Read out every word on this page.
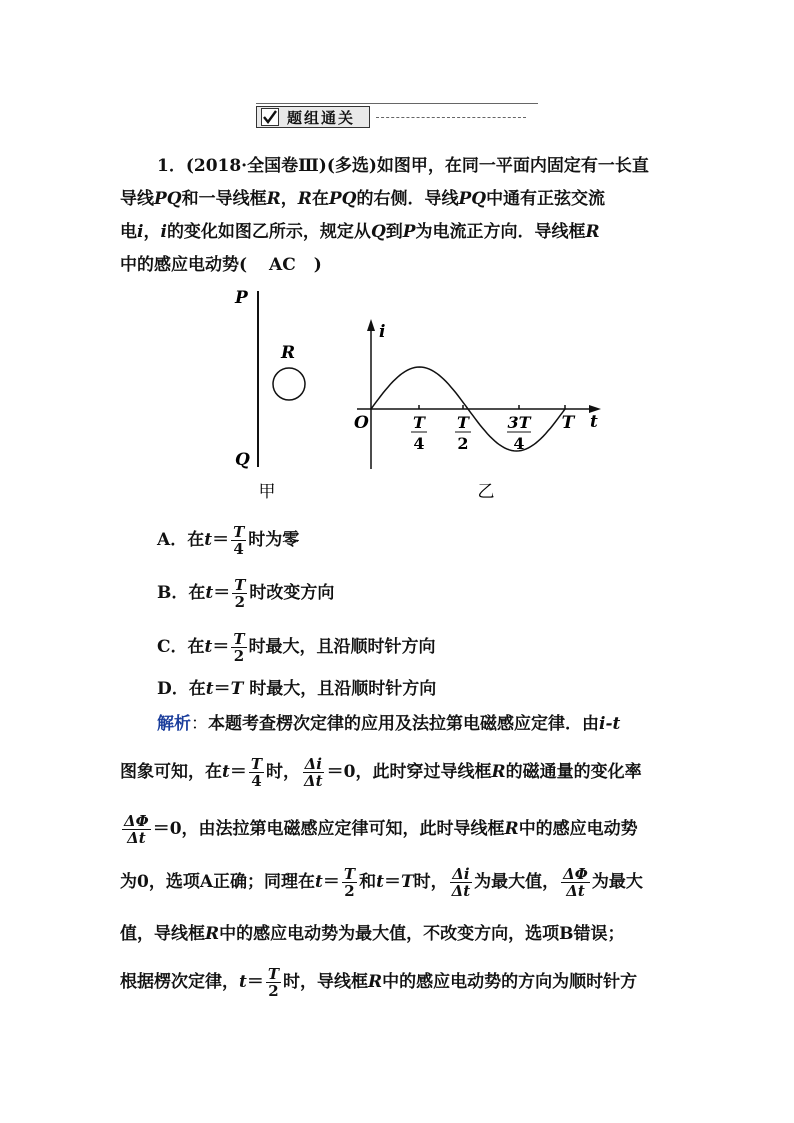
题组通关
1．(2018·全国卷Ⅲ)(多选)如图甲，在同一平面内固定有一长直
导线PQ和一导线框R，R在PQ的右侧．导线PQ中通有正弦交流
电i，i的变化如图乙所示，规定从Q到P为电流正方向．导线框R
中的感应电动势( AC )
P
Q
R
i
t
O	T
4
T
2
3T
4
T
甲	乙
A．在$t= \frac{T}{4}$ 时为零
B．在$t= \frac{T}{2}$ 时改变方向
C．在$t= \frac{T}{2}$ 时最大，且沿顺时针方向
D．在t＝T 时最大，且沿顺时针方向
解析：本题考查楞次定律的应用及法拉第电磁感应定律．由i-t
图象可知，在$t= \frac{T}{4}$ 时， $\frac{\Delta i}{\Delta t} =0$，此时穿过导线框R的磁通量的变化率
$\frac{\Delta\Phi}{\Delta t} =0$，由法拉第电磁感应定律可知，此时导线框R中的感应电动势
为0，选项A正确；同理在$t= \frac{T}{2}$ 和t＝T时， $\frac{\Delta i}{\Delta t}$ 为最大值， $\frac{\Delta\Phi}{\Delta t}$ 为最大
值，导线框R中的感应电动势为最大值，不改变方向，选项B错误；
根据楞次定律，$t= \frac{T}{2}$ 时，导线框R中的感应电动势的方向为顺时针方
